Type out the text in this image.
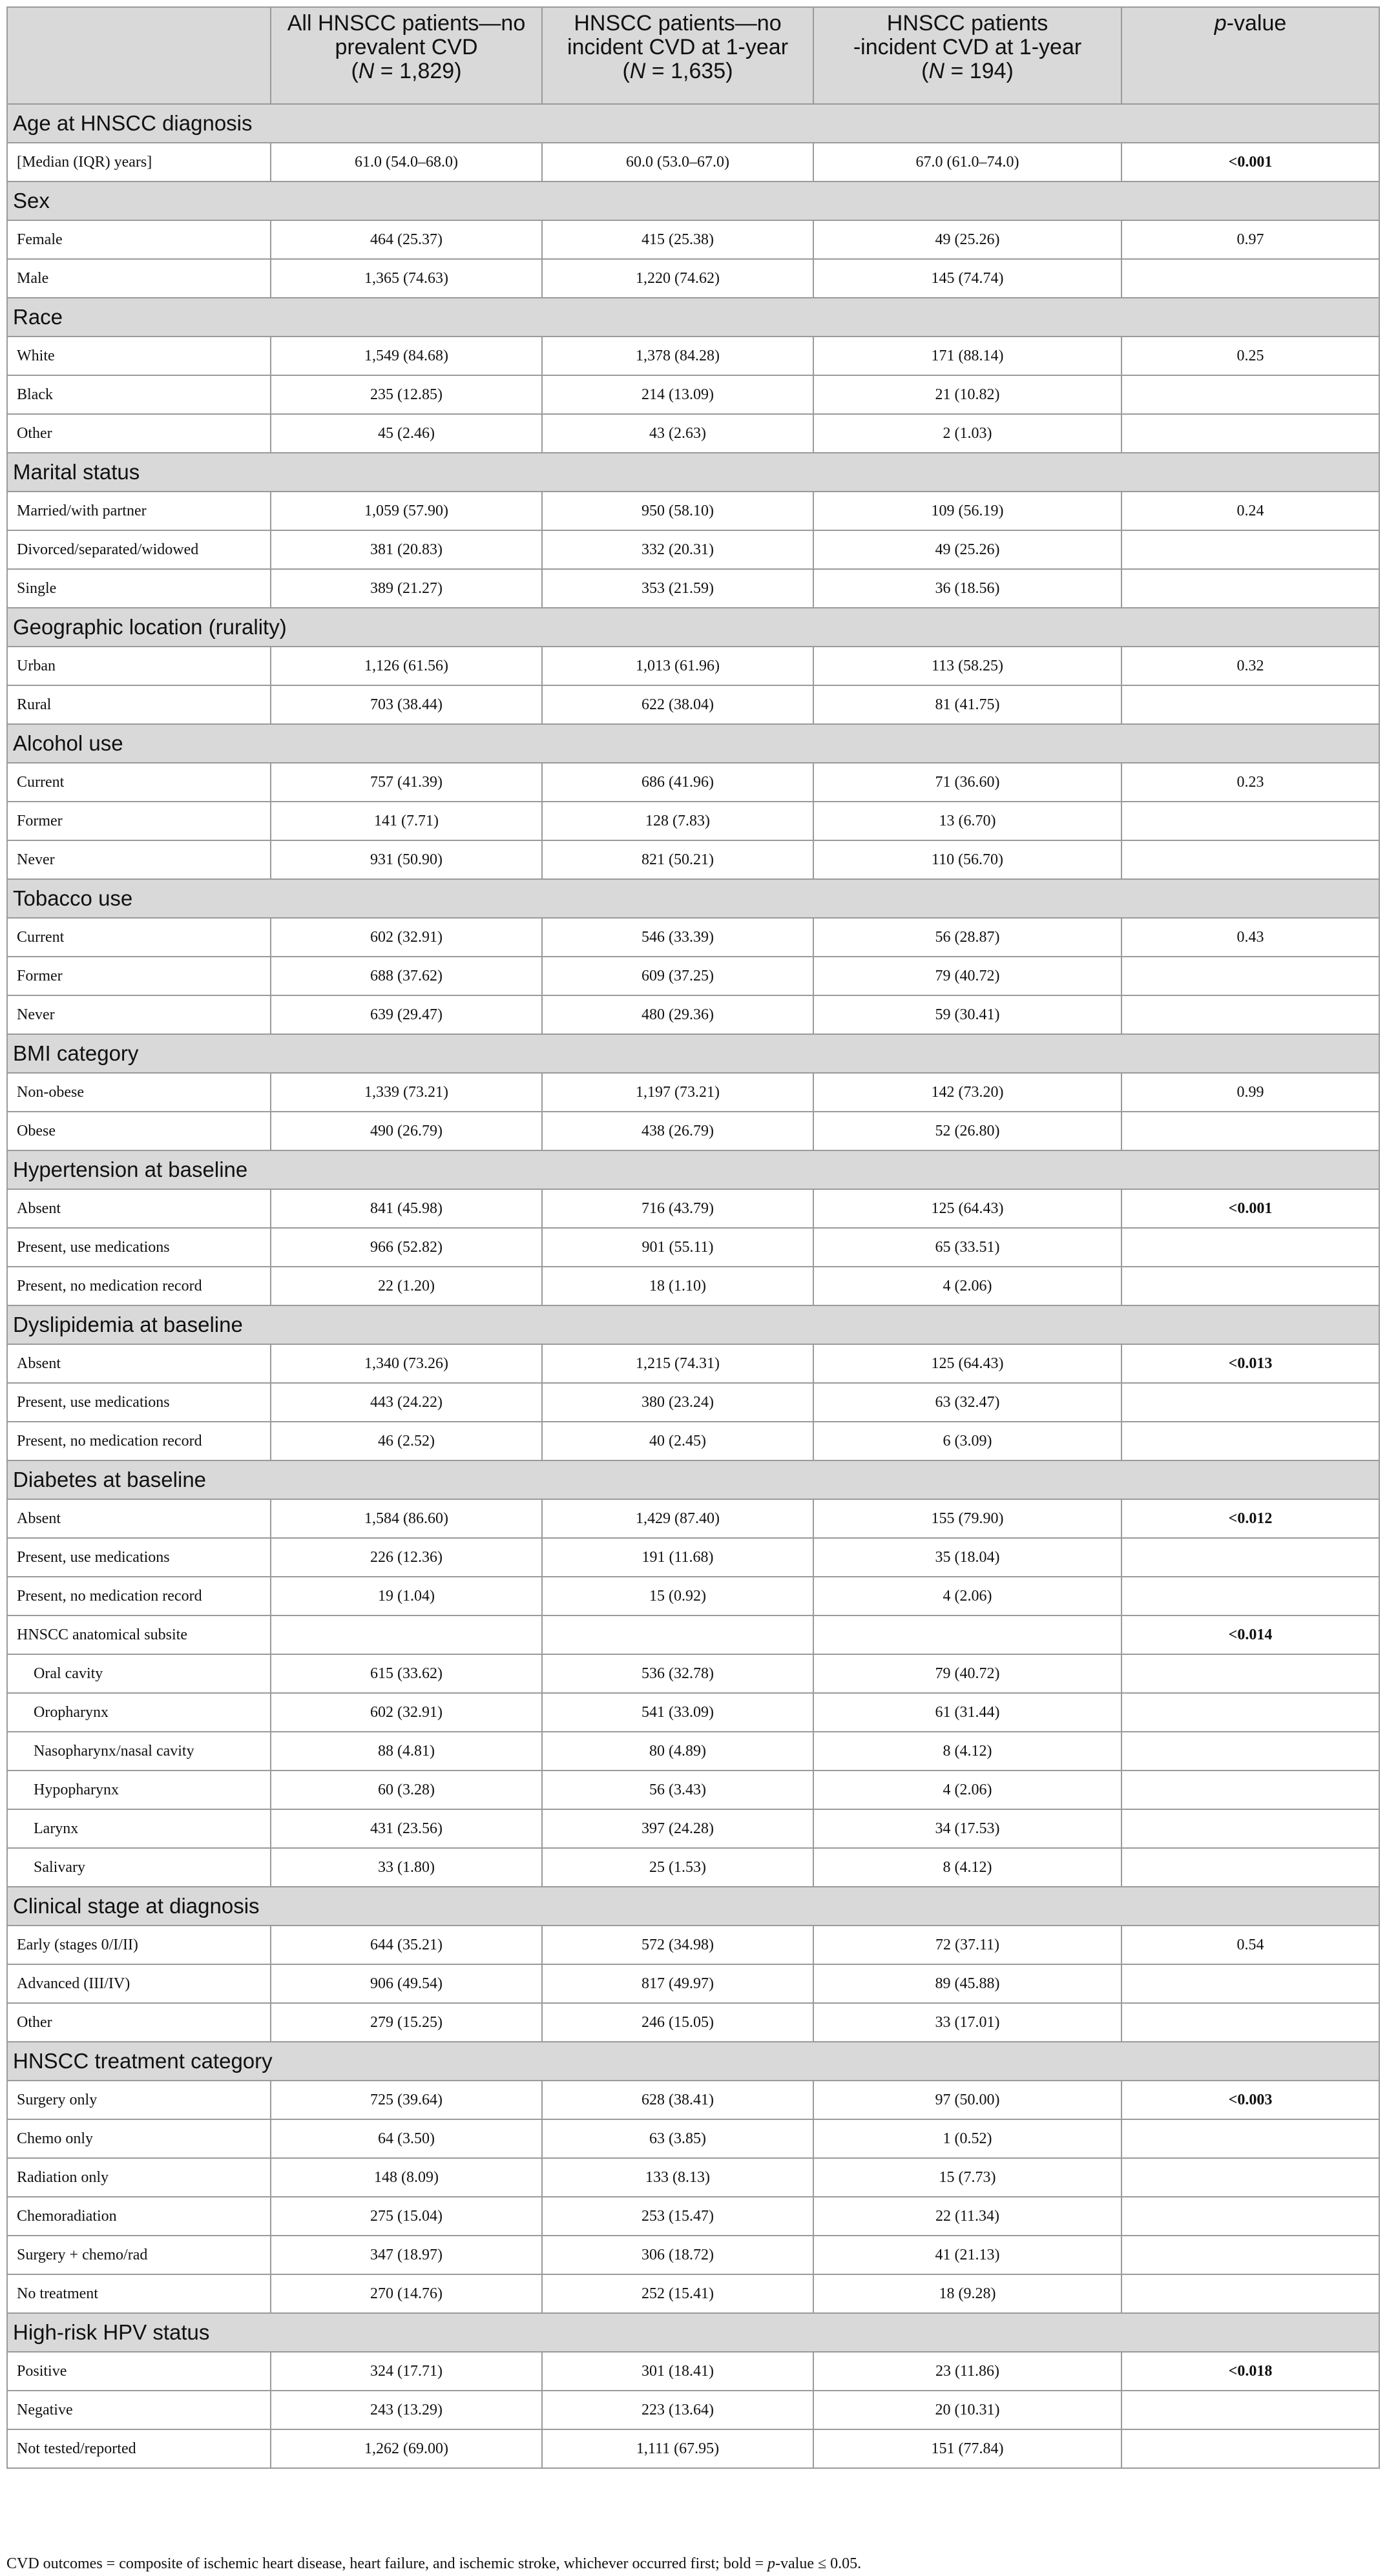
	All HNSCC patients—no
prevalent CVD
(N = 1,829)	HNSCC patients—no
incident CVD at 1-year
(N = 1,635)	HNSCC patients
-incident CVD at 1-year
(N = 194)	p-value
Age at HNSCC diagnosis				
[Median (IQR) years]	61.0 (54.0–68.0)	60.0 (53.0–67.0)	67.0 (61.0–74.0)	<0.001
Sex				
Female	464 (25.37)	415 (25.38)	49 (25.26)	0.97
Male	1,365 (74.63)	1,220 (74.62)	145 (74.74)	
Race				
White	1,549 (84.68)	1,378 (84.28)	171 (88.14)	0.25
Black	235 (12.85)	214 (13.09)	21 (10.82)	
Other	45 (2.46)	43 (2.63)	2 (1.03)	
Marital status				
Married/with partner	1,059 (57.90)	950 (58.10)	109 (56.19)	0.24
Divorced/separated/widowed	381 (20.83)	332 (20.31)	49 (25.26)	
Single	389 (21.27)	353 (21.59)	36 (18.56)	
Geographic location (rurality)				
Urban	1,126 (61.56)	1,013 (61.96)	113 (58.25)	0.32
Rural	703 (38.44)	622 (38.04)	81 (41.75)	
Alcohol use				
Current	757 (41.39)	686 (41.96)	71 (36.60)	0.23
Former	141 (7.71)	128 (7.83)	13 (6.70)	
Never	931 (50.90)	821 (50.21)	110 (56.70)	
Tobacco use				
Current	602 (32.91)	546 (33.39)	56 (28.87)	0.43
Former	688 (37.62)	609 (37.25)	79 (40.72)	
Never	639 (29.47)	480 (29.36)	59 (30.41)	
BMI category				
Non-obese	1,339 (73.21)	1,197 (73.21)	142 (73.20)	0.99
Obese	490 (26.79)	438 (26.79)	52 (26.80)	
Hypertension at baseline				
Absent	841 (45.98)	716 (43.79)	125 (64.43)	<0.001
Present, use medications	966 (52.82)	901 (55.11)	65 (33.51)	
Present, no medication record	22 (1.20)	18 (1.10)	4 (2.06)	
Dyslipidemia at baseline				
Absent	1,340 (73.26)	1,215 (74.31)	125 (64.43)	<0.013
Present, use medications	443 (24.22)	380 (23.24)	63 (32.47)	
Present, no medication record	46 (2.52)	40 (2.45)	6 (3.09)	
Diabetes at baseline				
Absent	1,584 (86.60)	1,429 (87.40)	155 (79.90)	<0.012
Present, use medications	226 (12.36)	191 (11.68)	35 (18.04)	
Present, no medication record	19 (1.04)	15 (0.92)	4 (2.06)	
HNSCC anatomical subsite				<0.014
Oral cavity	615 (33.62)	536 (32.78)	79 (40.72)	
Oropharynx	602 (32.91)	541 (33.09)	61 (31.44)	
Nasopharynx/nasal cavity	88 (4.81)	80 (4.89)	8 (4.12)	
Hypopharynx	60 (3.28)	56 (3.43)	4 (2.06)	
Larynx	431 (23.56)	397 (24.28)	34 (17.53)	
Salivary	33 (1.80)	25 (1.53)	8 (4.12)	
Clinical stage at diagnosis				
Early (stages 0/I/II)	644 (35.21)	572 (34.98)	72 (37.11)	0.54
Advanced (III/IV)	906 (49.54)	817 (49.97)	89 (45.88)	
Other	279 (15.25)	246 (15.05)	33 (17.01)	
HNSCC treatment category				
Surgery only	725 (39.64)	628 (38.41)	97 (50.00)	<0.003
Chemo only	64 (3.50)	63 (3.85)	1 (0.52)	
Radiation only	148 (8.09)	133 (8.13)	15 (7.73)	
Chemoradiation	275 (15.04)	253 (15.47)	22 (11.34)	
Surgery + chemo/rad	347 (18.97)	306 (18.72)	41 (21.13)	
No treatment	270 (14.76)	252 (15.41)	18 (9.28)	
High-risk HPV status				
Positive	324 (17.71)	301 (18.41)	23 (11.86)	<0.018
Negative	243 (13.29)	223 (13.64)	20 (10.31)	
Not tested/reported	1,262 (69.00)	1,111 (67.95)	151 (77.84)	
CVD outcomes = composite of ischemic heart disease, heart failure, and ischemic stroke, whichever occurred first; bold = p-value ≤ 0.05.
